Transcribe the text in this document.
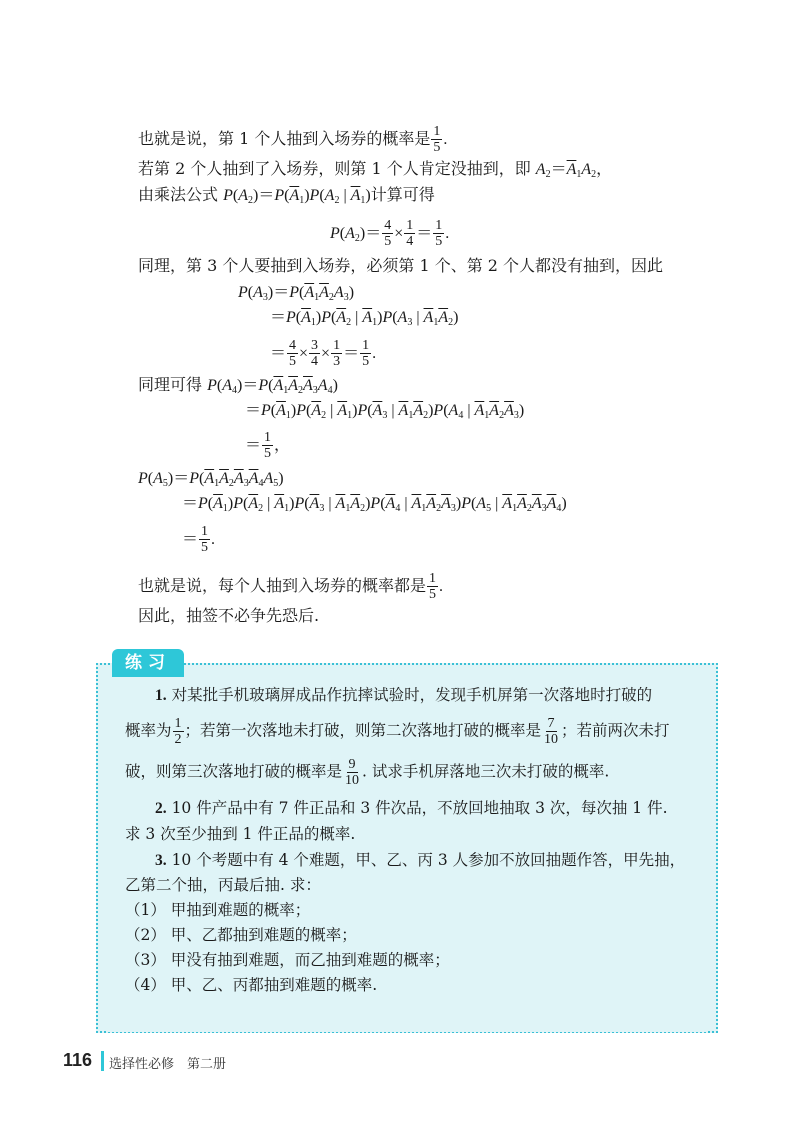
也就是说，第 1 个人抽到入场券的概率是 $\frac{1}{5}$ .
若第 2 个人抽到了入场券，则第 1 个人肯定没抽到，即 $A_2=\overline{A}_1A_2$，
由乘法公式 $P(A_2)=P(\overline{A}_1)P(A_2$ | $\overline{A}_1$)计算可得
$P(A_2)= \frac{4}{5} \times \frac{1}{4} = \frac{1}{5}$ .
同理，第 3 个人要抽到入场券，必须第 1 个、第 2 个人都没有抽到，因此
$P(A_3)=P(\overline{A}_1\overline{A}_2A_3)$
$=P(\overline{A}_1)P(\overline{A}_2$ | $\overline{A}_1)P(A_3$ | $\overline{A}_1\overline{A}_2$)
＝ $\frac{4}{5} \times \frac{3}{4} \times \frac{1}{3} = \frac{1}{5}$ .
同理可得 $P(A_4)=P(\overline{A}_1\overline{A}_2\overline{A}_3A_4)$
$=P(\overline{A}_1)P(\overline{A}_2$ | $\overline{A}_1)P(\overline{A}_3$ | $\overline{A}_1\overline{A}_2)P(A_4$ | $\overline{A}_1\overline{A}_2\overline{A}_3$)
＝ $\frac{1}{5}$ ，
$P(A_5)=P(\overline{A}_1\overline{A}_2\overline{A}_3\overline{A}_4A_5)$
$=P(\overline{A}_1)P(\overline{A}_2$ | $\overline{A}_1)P(\overline{A}_3$ | $\overline{A}_1\overline{A}_2)P(\overline{A}_4$ | $\overline{A}_1\overline{A}_2\overline{A}_3)P(A_5$ | $\overline{A}_1\overline{A}_2\overline{A}_3\overline{A}_4$)
＝ $\frac{1}{5}$ .
也就是说，每个人抽到入场券的概率都是 $\frac{1}{5}$ .
因此，抽签不必争先恐后.
练习
1. 对某批手机玻璃屏成品作抗摔试验时，发现手机屏第一次落地时打破的
概率为 $\frac{1}{2}$ ；若第一次落地未打破，则第二次落地打破的概率是 $\frac{7}{10}$ ；若前两次未打
破，则第三次落地打破的概率是 $\frac{9}{10}$ . 试求手机屏落地三次未打破的概率.
2. 10 件产品中有 7 件正品和 3 件次品，不放回地抽取 3 次，每次抽 1 件.
求 3 次至少抽到 1 件正品的概率.
3. 10 个考题中有 4 个难题，甲、乙、丙 3 人参加不放回抽题作答，甲先抽，
乙第二个抽，丙最后抽. 求：
（1） 甲抽到难题的概率；
（2） 甲、乙都抽到难题的概率；
（3） 甲没有抽到难题，而乙抽到难题的概率；
（4） 甲、乙、丙都抽到难题的概率.
116 选择性必修　第二册
